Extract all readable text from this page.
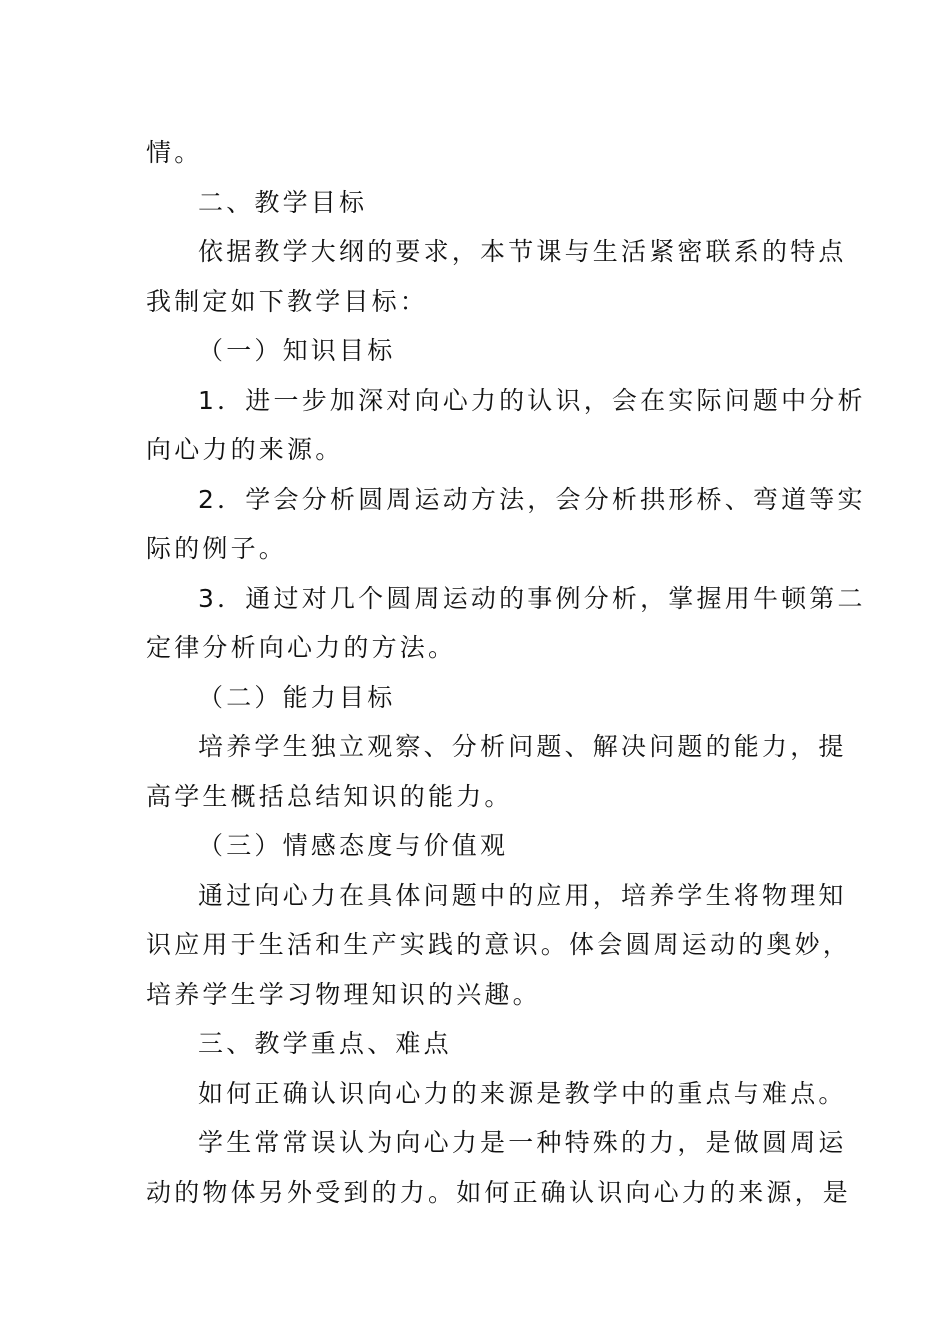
情。
二、教学目标
依据教学大纲的要求，本节课与生活紧密联系的特点
我制定如下教学目标：
（一）知识目标
1．进一步加深对向心力的认识，会在实际问题中分析
向心力的来源。
2．学会分析圆周运动方法，会分析拱形桥、弯道等实
际的例子。
3．通过对几个圆周运动的事例分析，掌握用牛顿第二
定律分析向心力的方法。
（二）能力目标
培养学生独立观察、分析问题、解决问题的能力，提
高学生概括总结知识的能力。
（三）情感态度与价值观
通过向心力在具体问题中的应用，培养学生将物理知
识应用于生活和生产实践的意识。体会圆周运动的奥妙，
培养学生学习物理知识的兴趣。
三、教学重点、难点
如何正确认识向心力的来源是教学中的重点与难点。
学生常常误认为向心力是一种特殊的力，是做圆周运
动的物体另外受到的力。如何正确认识向心力的来源，是
